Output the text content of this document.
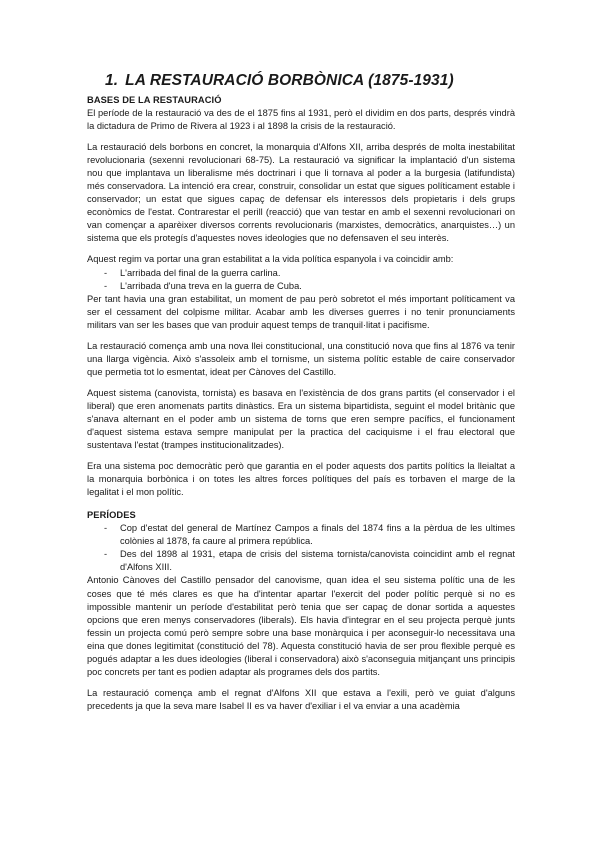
1. LA RESTAURACIÓ BORBÒNICA (1875-1931)
BASES DE LA RESTAURACIÓ

El període de la restauració va des de el 1875 fins al 1931, però el dividim en dos parts, després vindrà la dictadura de Primo de Rivera al 1923 i al 1898 la crisis de la restauració.

La restauració dels borbons en concret, la monarquia d'Alfons XII, arriba després de molta inestabilitat revolucionaria (sexenni revolucionari 68-75). La restauració va significar la implantació d'un sistema nou que implantava un liberalisme més doctrinari i que li tornava al poder a la burgesia (latifundista) més conservadora. La intenció era crear, construir, consolidar un estat que sigues políticament estable i conservador; un estat que sigues capaç de defensar els interessos dels propietaris i dels grups econòmics de l'estat. Contrarestar el perill (reacció) que van testar en amb el sexenni revolucionari on van començar a aparèixer diversos corrents revolucionaris (marxistes, democràtics, anarquistes…) un sistema que els protegís d'aquestes noves ideologies que no defensaven el seu interès.

Aquest regim va portar una gran estabilitat a la vida política espanyola i va coincidir amb:

- L'arribada del final de la guerra carlina.
- L'arribada d'una treva en la guerra de Cuba.

Per tant havia una gran estabilitat, un moment de pau però sobretot el més important políticament va ser el cessament del colpisme militar. Acabar amb les diverses guerres i no tenir pronunciaments militars van ser les bases que van produir aquest temps de tranquil·litat i pacifisme.

La restauració comença amb una nova llei constitucional, una constitució nova que fins al 1876 va tenir una llarga vigència. Això s'assoleix amb el tornisme, un sistema polític estable de caire conservador que permetia tot lo esmentat, ideat per Cànoves del Castillo.

Aquest sistema (canovista, tornista) es basava en l'existència de dos grans partits (el conservador i el liberal) que eren anomenats partits dinàstics. Era un sistema bipartidista, seguint el model britànic que s'anava alternant en el poder amb un sistema de torns que eren sempre pacífics, el funcionament d'aquest sistema estava sempre manipulat per la practica del caciquisme i el frau electoral que sustentava l'estat (trampes institucionalitzades).

Era una sistema poc democràtic però que garantia en el poder aquests dos partits polítics la lleialtat a la monarquia borbònica i on totes les altres forces polítiques del país es torbaven el marge de la legalitat i el mon polític.

PERÍODES
- Cop d'estat del general de Martínez Campos a finals del 1874 fins a la pèrdua de les ultimes colònies al 1878, fa caure al primera república.
- Des del 1898 al 1931, etapa de crisis del sistema tornista/canovista coincidint amb el regnat d'Alfons XIII.

Antonio Cànoves del Castillo pensador del canovisme, quan idea el seu sistema polític una de les coses que té més clares es que ha d'intentar apartar l'exercit del poder polític perquè si no es impossible mantenir un període d'estabilitat però tenia que ser capaç de donar sortida a aquestes opcions que eren menys conservadores (liberals). Els havia d'integrar en el seu projecta perquè junts fessin un projecta comú però sempre sobre una base monàrquica i per aconseguir-lo necessitava una eina que dones legitimitat (constitució del 78). Aquesta constitució havia de ser prou flexible perquè es pogués adaptar a les dues ideologies (liberal i conservadora) això s'aconseguia mitjançant uns principis poc concrets per tant es podien adaptar als programes dels dos partits.

La restauració comença amb el regnat d'Alfons XII que estava a l'exili, però ve guiat d'alguns precedents ja que la seva mare Isabel II es va haver d'exiliar i el va enviar a una acadèmia
